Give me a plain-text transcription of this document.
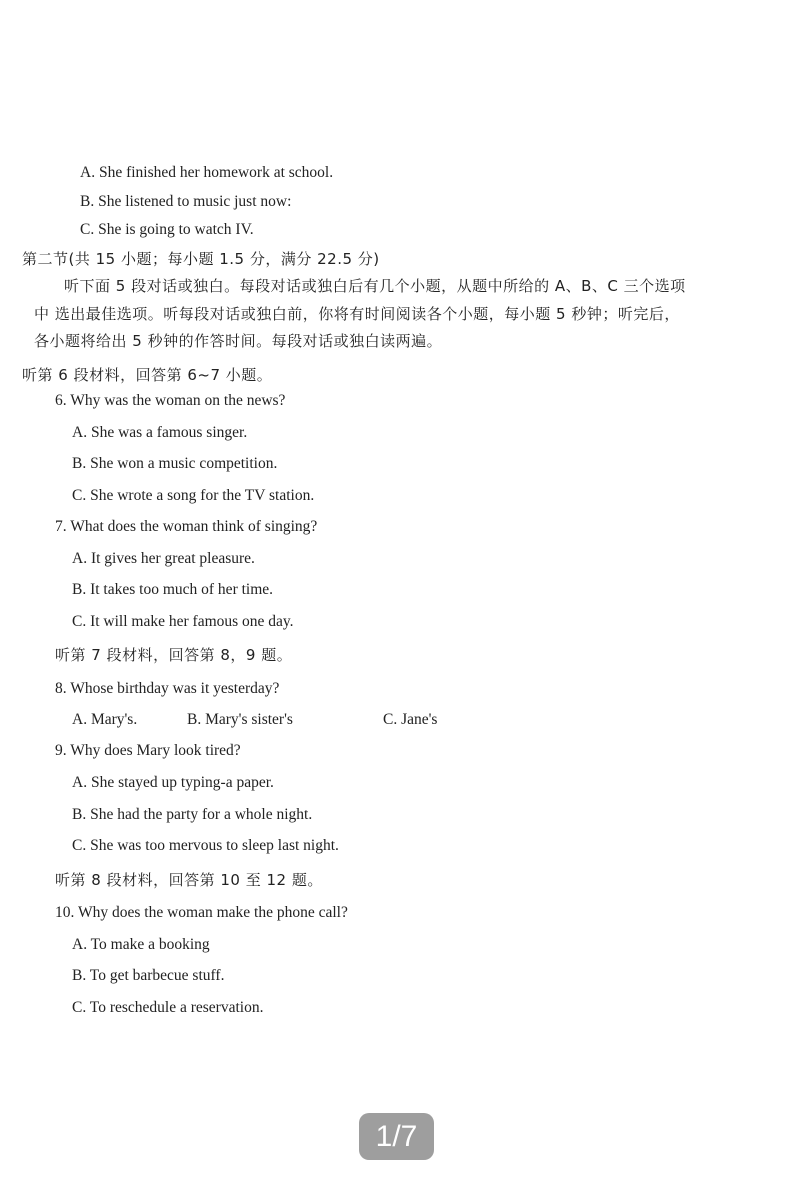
A. She finished her homework at school.
B. She listened to music just now:
C. She is going to watch IV.
第二节(共 15 小题；每小题 1.5 分，满分 22.5 分)
听下面 5 段对话或独白。每段对话或独白后有几个小题，从题中所给的 A、B、C 三个选项
中 选出最佳选项。听每段对话或独白前，你将有时间阅读各个小题，每小题 5 秒钟；听完后，
各小题将给出 5 秒钟的作答时间。每段对话或独白读两遍。
听第 6 段材料，回答第 6~7 小题。
6. Why was the woman on the news?
A. She was a famous singer.
B. She won a music competition.
C. She wrote a song for the TV station.
7. What does the woman think of singing?
A. It gives her great pleasure.
B. It takes too much of her time.
C. It will make her famous one day.
听第 7 段材料，回答第 8，9 题。
8. Whose birthday was it yesterday?
A. Mary's.	B. Mary's sister's	C. Jane's
9. Why does Mary look tired?
A. She stayed up typing-a paper.
B. She had the party for a whole night.
C. She was too mervous to sleep last night.
听第 8 段材料，回答第 10 至 12 题。
10. Why does the woman make the phone call?
A. To make a booking
B. To get barbecue stuff.
C. To reschedule a reservation.
1/7
